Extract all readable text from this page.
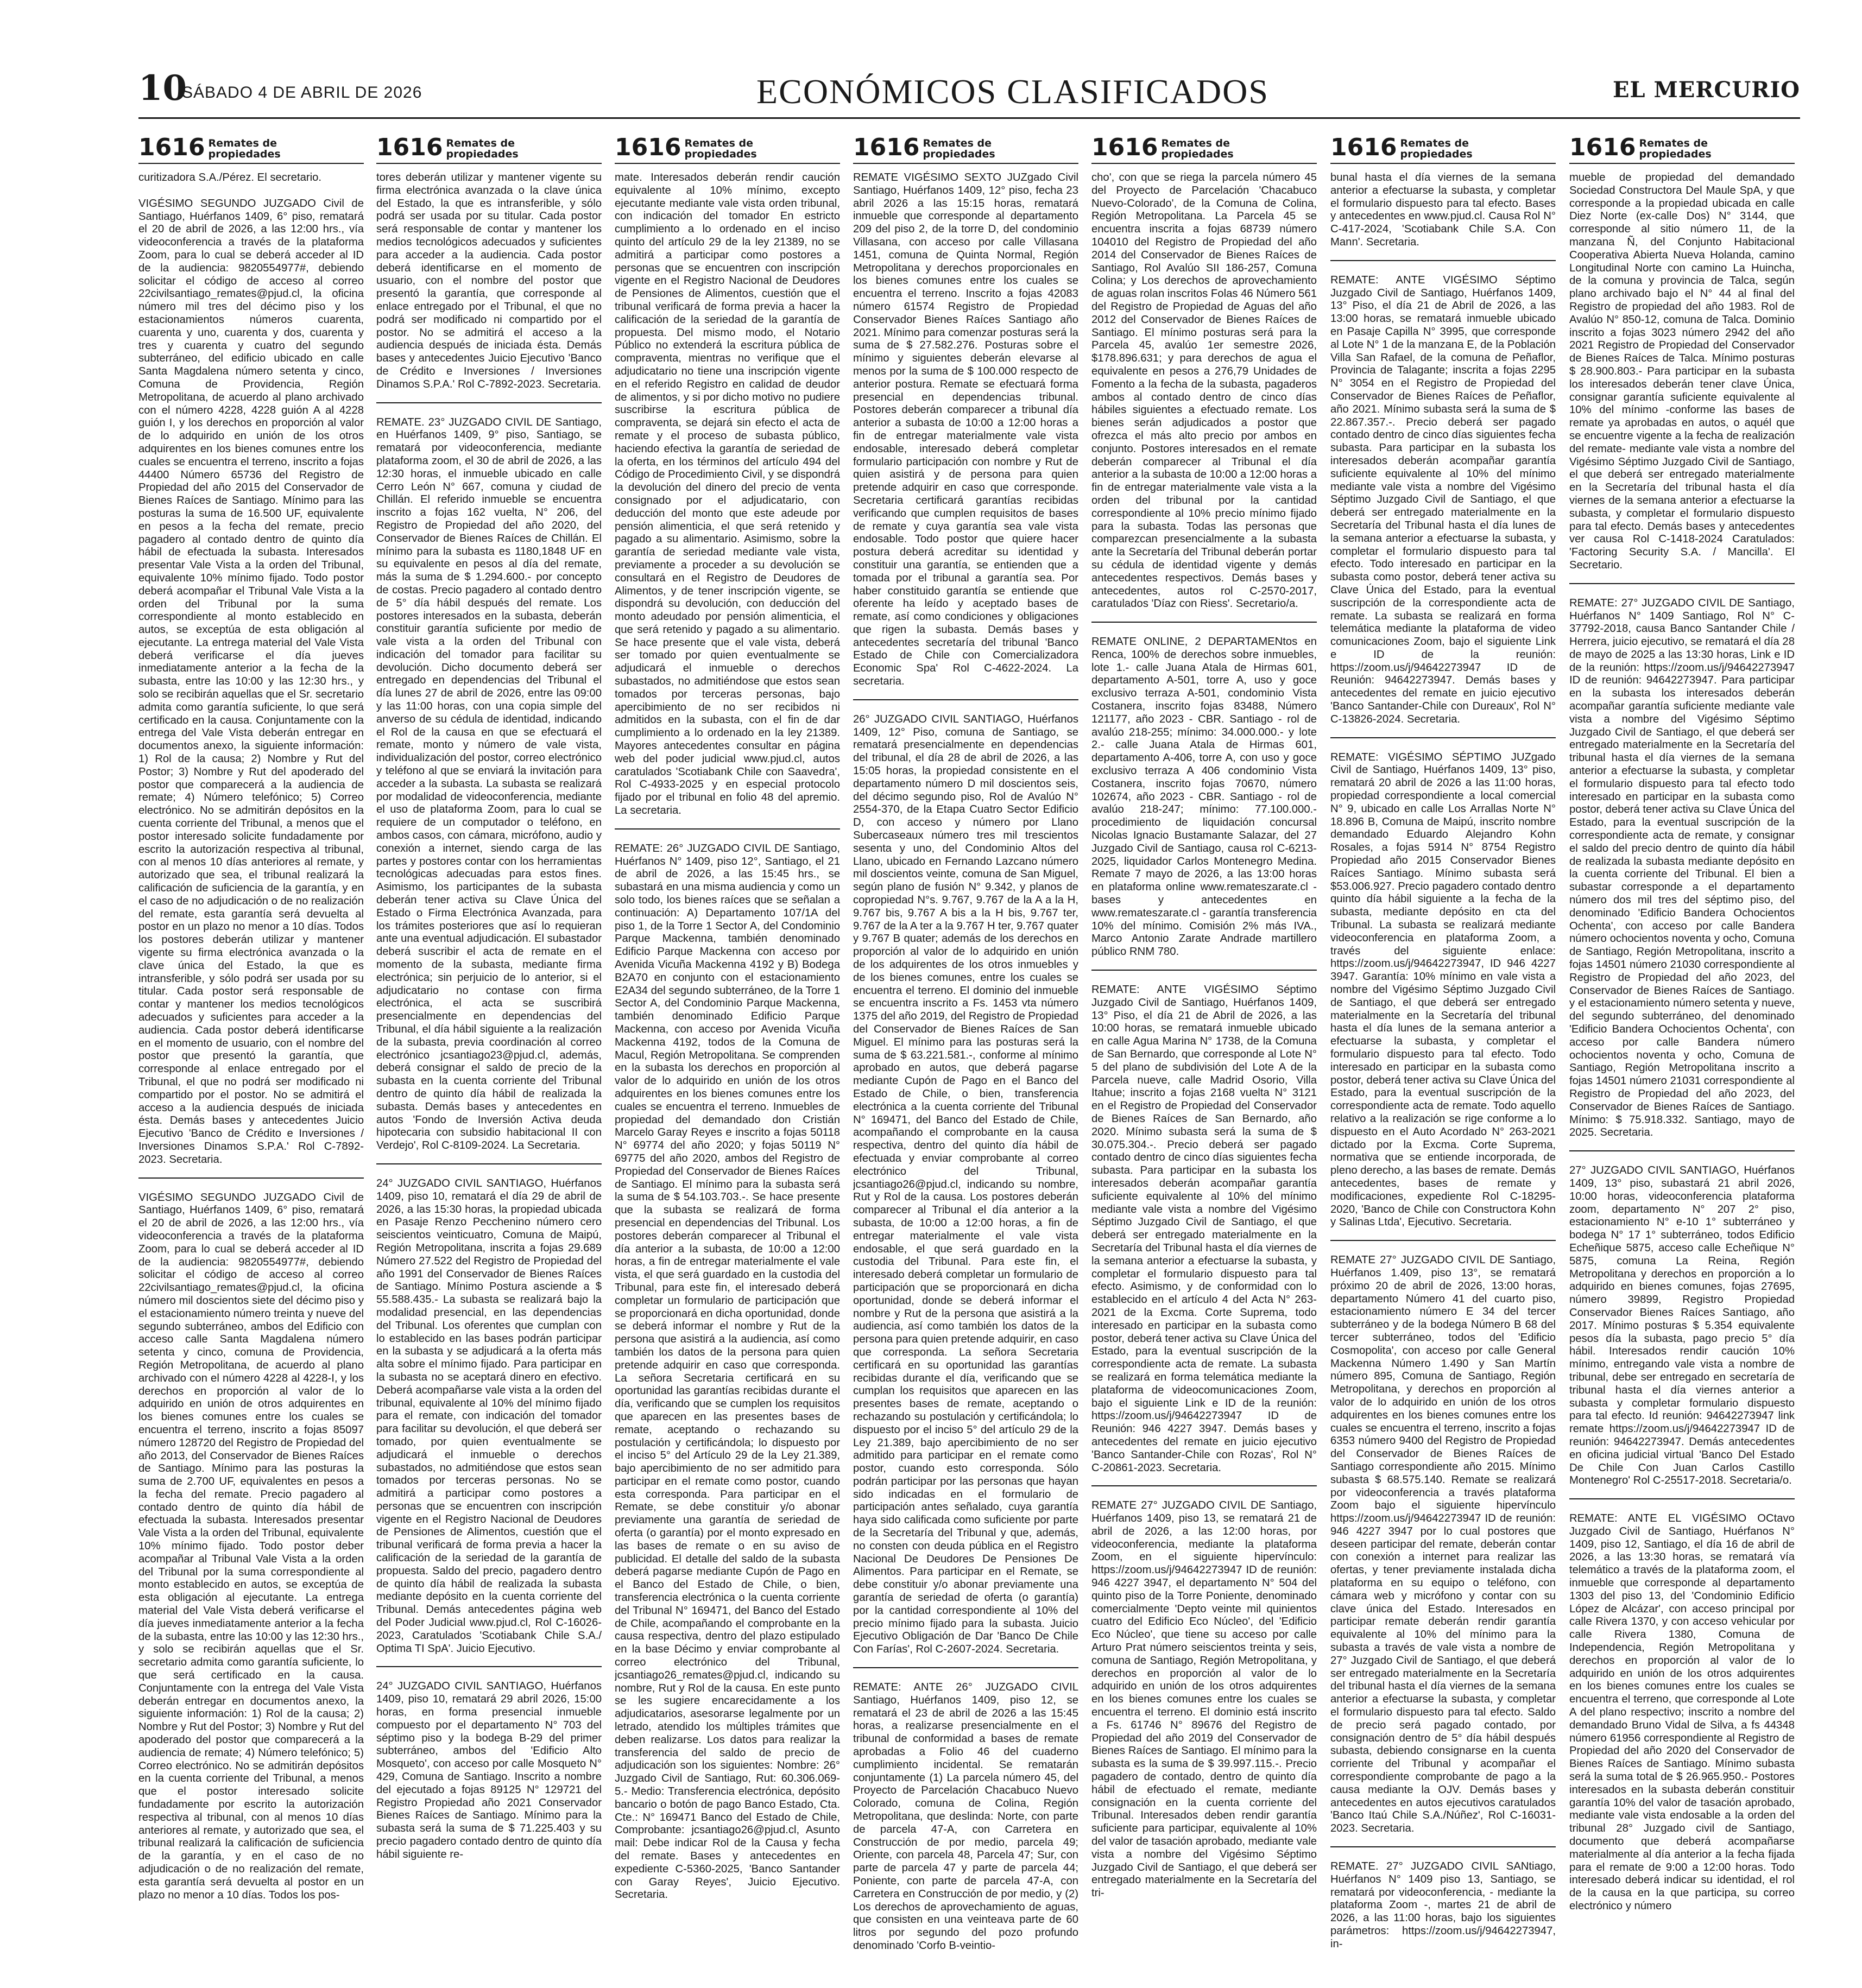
10
SÁBADO 4 DE ABRIL DE 2026	ECONÓMICOS CLASIFICADOS	EL MERCURIO
1616 Remates de
propiedades

curitizadora S.A./Pérez. El secretario.

VIGÉSIMO SEGUNDO JUZGADO Civil de Santiago, Huérfanos 1409, 6° piso, rematará el 20 de abril de 2026, a las 12:00 hrs., vía videoconferencia a través de la plataforma Zoom, para lo cual se deberá acceder al ID de la audiencia: 9820554977#, debiendo solicitar el código de acceso al correo 22civilsantiago_remates@pjud.cl, la oficina número mil tres del décimo piso y los estacionamientos números cuarenta, cuarenta y uno, cuarenta y dos, cuarenta y tres y cuarenta y cuatro del segundo subterráneo, del edificio ubicado en calle Santa Magdalena número setenta y cinco, Comuna de Providencia, Región Metropolitana, de acuerdo al plano archivado con el número 4228, 4228 guión A al 4228 guión I, y los derechos en proporción al valor de lo adquirido en unión de los otros adquirentes en los bienes comunes entre los cuales se encuentra el terreno, inscrito a fojas 44400 Número 65736 del Registro de Propiedad del año 2015 del Conservador de Bienes Raíces de Santiago. Mínimo para las posturas la suma de 16.500 UF, equivalente en pesos a la fecha del remate, precio pagadero al contado dentro de quinto día hábil de efectuada la subasta. Interesados presentar Vale Vista a la orden del Tribunal, equivalente 10% mínimo fijado. Todo postor deberá acompañar el Tribunal Vale Vista a la orden del Tribunal por la suma correspondiente al monto establecido en autos, se exceptúa de esta obligación al ejecutante. La entrega material del Vale Vista deberá verificarse el día jueves inmediatamente anterior a la fecha de la subasta, entre las 10:00 y las 12:30 hrs., y solo se recibirán aquellas que el Sr. secretario admita como garantía suficiente, lo que será certificado en la causa. Conjuntamente con la entrega del Vale Vista deberán entregar en documentos anexo, la siguiente información: 1) Rol de la causa; 2) Nombre y Rut del Postor; 3) Nombre y Rut del apoderado del postor que comparecerá a la audiencia de remate; 4) Número telefónico; 5) Correo electrónico. No se admitirán depósitos en la cuenta corriente del Tribunal, a menos que el postor interesado solicite fundadamente por escrito la autorización respectiva al tribunal, con al menos 10 días anteriores al remate, y autorizado que sea, el tribunal realizará la calificación de suficiencia de la garantía, y en el caso de no adjudicación o de no realización del remate, esta garantía será devuelta al postor en un plazo no menor a 10 días. Todos los postores deberán utilizar y mantener vigente su firma electrónica avanzada o la clave única del Estado, la que es intransferible, y sólo podrá ser usada por su titular. Cada postor será responsable de contar y mantener los medios tecnológicos adecuados y suficientes para acceder a la audiencia. Cada postor deberá identificarse en el momento de usuario, con el nombre del postor que presentó la garantía, que corresponde al enlace entregado por el Tribunal, el que no podrá ser modificado ni compartido por el postor. No se admitirá el acceso a la audiencia después de iniciada ésta. Demás bases y antecedentes Juicio Ejecutivo 'Banco de Crédito e Inversiones / Inversiones Dinamos S.P.A.' Rol C-7892-2023. Secretaria.

VIGÉSIMO SEGUNDO JUZGADO Civil de Santiago, Huérfanos 1409, 6° piso, rematará el 20 de abril de 2026, a las 12:00 hrs., vía videoconferencia a través de la plataforma Zoom, para lo cual se deberá acceder al ID de la audiencia: 9820554977#, debiendo solicitar el código de acceso al correo 22civilsantiago_remates@pjud.cl, la oficina número mil doscientos siete del décimo piso y el estacionamiento número treinta y nueve del segundo subterráneo, ambos del Edificio con acceso calle Santa Magdalena número setenta y cinco, comuna de Providencia, Región Metropolitana, de acuerdo al plano archivado con el número 4228 al 4228-I, y los derechos en proporción al valor de lo adquirido en unión de otros adquirentes en los bienes comunes entre los cuales se encuentra el terreno, inscrito a fojas 85097 número 128720 del Registro de Propiedad del año 2013, del Conservador de Bienes Raíces de Santiago. Mínimo para las posturas la suma de 2.700 UF, equivalentes en pesos a la fecha del remate. Precio pagadero al contado dentro de quinto día hábil de efectuada la subasta. Interesados presentar Vale Vista a la orden del Tribunal, equivalente 10% mínimo fijado. Todo postor deber acompañar al Tribunal Vale Vista a la orden del Tribunal por la suma correspondiente al monto establecido en autos, se exceptúa de esta obligación al ejecutante. La entrega material del Vale Vista deberá verificarse el día jueves inmediatamente anterior a la fecha de la subasta, entre las 10:00 y las 12:30 hrs., y solo se recibirán aquellas que el Sr. secretario admita como garantía suficiente, lo que será certificado en la causa. Conjuntamente con la entrega del Vale Vista deberán entregar en documentos anexo, la siguiente información: 1) Rol de la causa; 2) Nombre y Rut del Postor; 3) Nombre y Rut del apoderado del postor que comparecerá a la audiencia de remate; 4) Número telefónico; 5) Correo electrónico. No se admitirán depósitos en la cuenta corriente del Tribunal, a menos que el postor interesado solicite fundadamente por escrito la autorización respectiva al tribunal, con al menos 10 días anteriores al remate, y autorizado que sea, el tribunal realizará la calificación de suficiencia de la garantía, y en el caso de no adjudicación o de no realización del remate, esta garantía será devuelta al postor en un plazo no menor a 10 días. Todos los pos-

1616 Remates de
propiedades

tores deberán utilizar y mantener vigente su firma electrónica avanzada o la clave única del Estado, la que es intransferible, y sólo podrá ser usada por su titular. Cada postor será responsable de contar y mantener los medios tecnológicos adecuados y suficientes para acceder a la audiencia. Cada postor deberá identificarse en el momento de usuario, con el nombre del postor que presentó la garantía, que corresponde al enlace entregado por el Tribunal, el que no podrá ser modificado ni compartido por el postor. No se admitirá el acceso a la audiencia después de iniciada ésta. Demás bases y antecedentes Juicio Ejecutivo 'Banco de Crédito e Inversiones / Inversiones Dinamos S.P.A.' Rol C-7892-2023. Secretaria.

REMATE. 23° JUZGADO CIVIL DE Santiago, en Huérfanos 1409, 9° piso, Santiago, se rematará por videoconferencia, mediante plataforma zoom, el 30 de abril de 2026, a las 12:30 horas, el inmueble ubicado en calle Cerro León N° 667, comuna y ciudad de Chillán. El referido inmueble se encuentra inscrito a fojas 162 vuelta, N° 206, del Registro de Propiedad del año 2020, del Conservador de Bienes Raíces de Chillán. El mínimo para la subasta es 1180,1848 UF en su equivalente en pesos al día del remate, más la suma de $ 1.294.600.- por concepto de costas. Precio pagadero al contado dentro de 5° día hábil después del remate. Los postores interesados en la subasta, deberán constituir garantía suficiente por medio de vale vista a la orden del Tribunal con indicación del tomador para facilitar su devolución. Dicho documento deberá ser entregado en dependencias del Tribunal el día lunes 27 de abril de 2026, entre las 09:00 y las 11:00 horas, con una copia simple del anverso de su cédula de identidad, indicando el Rol de la causa en que se efectuará el remate, monto y número de vale vista, individualización del postor, correo electrónico y teléfono al que se enviará la invitación para acceder a la subasta. La subasta se realizará por modalidad de videoconferencia, mediante el uso de plataforma Zoom, para lo cual se requiere de un computador o teléfono, en ambos casos, con cámara, micrófono, audio y conexión a internet, siendo carga de las partes y postores contar con los herramientas tecnológicas adecuadas para estos fines. Asimismo, los participantes de la subasta deberán tener activa su Clave Única del Estado o Firma Electrónica Avanzada, para los trámites posteriores que así lo requieran ante una eventual adjudicación. El subastador deberá suscribir el acta de remate en el momento de la subasta, mediante firma electrónica; sin perjuicio de lo anterior, si el adjudicatario no contase con firma electrónica, el acta se suscribirá presencialmente en dependencias del Tribunal, el día hábil siguiente a la realización de la subasta, previa coordinación al correo electrónico jcsantiago23@pjud.cl, además, deberá consignar el saldo de precio de la subasta en la cuenta corriente del Tribunal dentro de quinto día hábil de realizada la subasta. Demás bases y antecedentes en autos 'Fondo de Inversión Activa deuda hipotecaria con subsidio habitacional II con Verdejo', Rol C-8109-2024. La Secretaria.

24° JUZGADO CIVIL SANTIAGO, Huérfanos 1409, piso 10, rematará el día 29 de abril de 2026, a las 15:30 horas, la propiedad ubicada en Pasaje Renzo Pecchenino número cero seiscientos veinticuatro, Comuna de Maipú, Región Metropolitana, inscrita a fojas 29.689 Número 27.522 del Registro de Propiedad del año 1991 del Conservador de Bienes Raíces de Santiago. Mínimo Postura asciende a $ 55.588.435.- La subasta se realizará bajo la modalidad presencial, en las dependencias del Tribunal. Los oferentes que cumplan con lo establecido en las bases podrán participar en la subasta y se adjudicará a la oferta más alta sobre el mínimo fijado. Para participar en la subasta no se aceptará dinero en efectivo. Deberá acompañarse vale vista a la orden del tribunal, equivalente al 10% del mínimo fijado para el remate, con indicación del tomador para facilitar su devolución, el que deberá ser tomado, por quien eventualmente se adjudicará el inmueble o derechos subastados, no admitiéndose que estos sean tomados por terceras personas. No se admitirá a participar como postores a personas que se encuentren con inscripción vigente en el Registro Nacional de Deudores de Pensiones de Alimentos, cuestión que el tribunal verificará de forma previa a hacer la calificación de la seriedad de la garantía de propuesta. Saldo del precio, pagadero dentro de quinto día hábil de realizada la subasta mediante depósito en la cuenta corriente del Tribunal. Demás antecedentes página web del Poder Judicial www.pjud.cl, Rol C-16026-2023, Caratulados 'Scotiabank Chile S.A./ Optima TI SpA'. Juicio Ejecutivo.

24° JUZGADO CIVIL SANTIAGO, Huérfanos 1409, piso 10, rematará 29 abril 2026, 15:00 horas, en forma presencial inmueble compuesto por el departamento N° 703 del séptimo piso y la bodega B-29 del primer subterráneo, ambos del 'Edificio Alto Mosqueto', con acceso por calle Mosqueto N° 429, Comuna de Santiago. Inscrito a nombre del ejecutado a fojas 89125 N° 129721 del Registro Propiedad año 2021 Conservador Bienes Raíces de Santiago. Mínimo para la subasta será la suma de $ 71.225.403 y su precio pagadero contado dentro de quinto día hábil siguiente re-

1616 Remates de
propiedades

mate. Interesados deberán rendir caución equivalente al 10% mínimo, excepto ejecutante mediante vale vista orden tribunal, con indicación del tomador En estricto cumplimiento a lo ordenado en el inciso quinto del artículo 29 de la ley 21389, no se admitirá a participar como postores a personas que se encuentren con inscripción vigente en el Registro Nacional de Deudores de Pensiones de Alimentos, cuestión que el tribunal verificará de forma previa a hacer la calificación de la seriedad de la garantía de propuesta. Del mismo modo, el Notario Público no extenderá la escritura pública de compraventa, mientras no verifique que el adjudicatario no tiene una inscripción vigente en el referido Registro en calidad de deudor de alimentos, y si por dicho motivo no pudiere suscribirse la escritura pública de compraventa, se dejará sin efecto el acta de remate y el proceso de subasta público, haciendo efectiva la garantía de seriedad de la oferta, en los términos del artículo 494 del Código de Procedimiento Civil, y se dispondrá la devolución del dinero del precio de venta consignado por el adjudicatario, con deducción del monto que este adeude por pensión alimenticia, el que será retenido y pagado a su alimentario. Asimismo, sobre la garantía de seriedad mediante vale vista, previamente a proceder a su devolución se consultará en el Registro de Deudores de Alimentos, y de tener inscripción vigente, se dispondrá su devolución, con deducción del monto adeudado por pensión alimenticia, el que será retenido y pagado a su alimentario. Se hace presente que el vale vista, deberá ser tomado por quien eventualmente se adjudicará el inmueble o derechos subastados, no admitiéndose que estos sean tomados por terceras personas, bajo apercibimiento de no ser recibidos ni admitidos en la subasta, con el fin de dar cumplimiento a lo ordenado en la ley 21389. Mayores antecedentes consultar en página web del poder judicial www.pjud.cl, autos caratulados 'Scotiabank Chile con Saavedra', Rol C-4933-2025 y en especial protocolo fijado por el tribunal en folio 48 del apremio. La secretaria.

REMATE: 26° JUZGADO CIVIL DE Santiago, Huérfanos N° 1409, piso 12°, Santiago, el 21 de abril de 2026, a las 15:45 hrs., se subastará en una misma audiencia y como un solo todo, los bienes raíces que se señalan a continuación: A) Departamento 107/1A del piso 1, de la Torre 1 Sector A, del Condominio Parque Mackenna, también denominado Edificio Parque Mackenna con acceso por Avenida Vicuña Mackenna 4192 y B) Bodega B2A70 en conjunto con el estacionamiento E2A34 del segundo subterráneo, de la Torre 1 Sector A, del Condominio Parque Mackenna, también denominado Edificio Parque Mackenna, con acceso por Avenida Vicuña Mackenna 4192, todos de la Comuna de Macul, Región Metropolitana. Se comprenden en la subasta los derechos en proporción al valor de lo adquirido en unión de los otros adquirentes en los bienes comunes entre los cuales se encuentra el terreno. Inmuebles de propiedad del demandado don Cristián Marcelo Garay Reyes e inscrito a fojas 50118 N° 69774 del año 2020; y fojas 50119 N° 69775 del año 2020, ambos del Registro de Propiedad del Conservador de Bienes Raíces de Santiago. El mínimo para la subasta será la suma de $ 54.103.703.-. Se hace presente que la subasta se realizará de forma presencial en dependencias del Tribunal. Los postores deberán comparecer al Tribunal el día anterior a la subasta, de 10:00 a 12:00 horas, a fin de entregar materialmente el vale vista, el que será guardado en la custodia del Tribunal, para este fin, el interesado deberá completar un formulario de participación que se proporcionará en dicha oportunidad, donde se deberá informar el nombre y Rut de la persona que asistirá a la audiencia, así como también los datos de la persona para quien pretende adquirir en caso que corresponda. La señora Secretaria certificará en su oportunidad las garantías recibidas durante el día, verificando que se cumplen los requisitos que aparecen en las presentes bases de remate, aceptando o rechazando su postulación y certificándola; lo dispuesto por el inciso 5° del Artículo 29 de la Ley 21.389, bajo apercibimiento de no ser admitido para participar en el remate como postor, cuando esta corresponda. Para participar en el Remate, se debe constituir y/o abonar previamente una garantía de seriedad de oferta (o garantía) por el monto expresado en las bases de remate o en su aviso de publicidad. El detalle del saldo de la subasta deberá pagarse mediante Cupón de Pago en el Banco del Estado de Chile, o bien, transferencia electrónica o la cuenta corriente del Tribunal N° 169471, del Banco del Estado de Chile, acompañando el comprobante en la causa respectiva, dentro del plazo estipulado en la base Décimo y enviar comprobante al correo electrónico del Tribunal, jcsantiago26_remates@pjud.cl, indicando su nombre, Rut y Rol de la causa. En este punto se les sugiere encarecidamente a los adjudicatarios, asesorarse legalmente por un letrado, atendido los múltiples trámites que deben realizarse. Los datos para realizar la transferencia del saldo de precio de adjudicación son los siguientes: Nombre: 26° Juzgado Civil de Santiago, Rut: 60.306.069-5.- Medio: Transferencia electrónica, depósito bancario o botón de pago Banco Estado, Cta. Cte.: N° 169471 Banco del Estado de Chile, Comprobante: jcsantiago26@pjud.cl, Asunto mail: Debe indicar Rol de la Causa y fecha del remate. Bases y antecedentes en expediente C-5360-2025, 'Banco Santander con Garay Reyes', Juicio Ejecutivo. Secretaria.

1616 Remates de
propiedades

REMATE VIGÉSIMO SEXTO JUZgado Civil Santiago, Huérfanos 1409, 12° piso, fecha 23 abril 2026 a las 15:15 horas, rematará inmueble que corresponde al departamento 209 del piso 2, de la torre D, del condominio Villasana, con acceso por calle Villasana 1451, comuna de Quinta Normal, Región Metropolitana y derechos proporcionales en los bienes comunes entre los cuales se encuentra el terreno. Inscrito a fojas 42083 número 61574 Registro de Propiedad Conservador Bienes Raíces Santiago año 2021. Mínimo para comenzar posturas será la suma de $ 27.582.276. Posturas sobre el mínimo y siguientes deberán elevarse al menos por la suma de $ 100.000 respecto de anterior postura. Remate se efectuará forma presencial en dependencias tribunal. Postores deberán comparecer a tribunal día anterior a subasta de 10:00 a 12:00 horas a fin de entregar materialmente vale vista endosable, interesado deberá completar formulario participación con nombre y Rut de quien asistirá y de persona para quien pretende adquirir en caso que corresponde. Secretaria certificará garantías recibidas verificando que cumplen requisitos de bases de remate y cuya garantía sea vale vista endosable. Todo postor que quiere hacer postura deberá acreditar su identidad y constituir una garantía, se entienden que a tomada por el tribunal a garantía sea. Por haber constituido garantía se entiende que oferente ha leído y aceptado bases de remate, así como condiciones y obligaciones que rigen la subasta. Demás bases y antecedentes secretaría del tribunal 'Banco Estado de Chile con Comercializadora Economic Spa' Rol C-4622-2024. La secretaria.

26° JUZGADO CIVIL SANTIAGO, Huérfanos 1409, 12° Piso, comuna de Santiago, se rematará presencialmente en dependencias del tribunal, el día 28 de abril de 2026, a las 15:05 horas, la propiedad consistente en el departamento número D mil doscientos seis, del décimo segundo piso, Rol de Avalúo N° 2554-370, de la Etapa Cuatro Sector Edificio D, con acceso y número por Llano Subercaseaux número tres mil trescientos sesenta y uno, del Condominio Altos del Llano, ubicado en Fernando Lazcano número mil doscientos veinte, comuna de San Miguel, según plano de fusión N° 9.342, y planos de copropiedad N°s. 9.767, 9.767 de la A a la H, 9.767 bis, 9.767 A bis a la H bis, 9.767 ter, 9.767 de la A ter a la 9.767 H ter, 9.767 quater y 9.767 B quater; además de los derechos en proporción al valor de lo adquirido en unión de los adquirentes de los otros inmuebles y de los bienes comunes, entre los cuales se encuentra el terreno. El dominio del inmueble se encuentra inscrito a Fs. 1453 vta número 1375 del año 2019, del Registro de Propiedad del Conservador de Bienes Raíces de San Miguel. El mínimo para las posturas será la suma de $ 63.221.581.-, conforme al mínimo aprobado en autos, que deberá pagarse mediante Cupón de Pago en el Banco del Estado de Chile, o bien, transferencia electrónica a la cuenta corriente del Tribunal N° 169471, del Banco del Estado de Chile, acompañando el comprobante en la causa respectiva, dentro del quinto día hábil de efectuada y enviar comprobante al correo electrónico del Tribunal, jcsantiago26@pjud.cl, indicando su nombre, Rut y Rol de la causa. Los postores deberán comparecer al Tribunal el día anterior a la subasta, de 10:00 a 12:00 horas, a fin de entregar materialmente el vale vista endosable, el que será guardado en la custodia del Tribunal. Para este fin, el interesado deberá completar un formulario de participación que se proporcionará en dicha oportunidad, donde se deberá informar el nombre y Rut de la persona que asistirá a la audiencia, así como también los datos de la persona para quien pretende adquirir, en caso que corresponda. La señora Secretaria certificará en su oportunidad las garantías recibidas durante el día, verificando que se cumplan los requisitos que aparecen en las presentes bases de remate, aceptando o rechazando su postulación y certificándola; lo dispuesto por el inciso 5° del artículo 29 de la Ley 21.389, bajo apercibimiento de no ser admitido para participar en el remate como postor, cuando esto corresponda. Sólo podrán participar por las personas que hayan sido indicadas en el formulario de participación antes señalado, cuya garantía haya sido calificada como suficiente por parte de la Secretaría del Tribunal y que, además, no consten con deuda pública en el Registro Nacional De Deudores De Pensiones De Alimentos. Para participar en el Remate, se debe constituir y/o abonar previamente una garantía de seriedad de oferta (o garantía) por la cantidad correspondiente al 10% del precio mínimo fijado para la subasta. Juicio Ejecutivo Obligación de Dar 'Banco De Chile Con Farías', Rol C-2607-2024. Secretaria.

REMATE: ANTE 26° JUZGADO CIVIL Santiago, Huérfanos 1409, piso 12, se rematará el 23 de abril de 2026 a las 15:45 horas, a realizarse presencialmente en el tribunal de conformidad a bases de remate aprobadas a Folio 46 del cuaderno cumplimiento incidental. Se rematarán conjuntamente (1) La parcela número 45, del Proyecto de Parcelación Chacabuco Nuevo Colorado, comuna de Colina, Región Metropolitana, que deslinda: Norte, con parte de parcela 47-A, con Carretera en Construcción de por medio, parcela 49; Oriente, con parcela 48, Parcela 47; Sur, con parte de parcela 47 y parte de parcela 44; Poniente, con parte de parcela 47-A, con Carretera en Construcción de por medio, y (2) Los derechos de aprovechamiento de aguas, que consisten en una veinteava parte de 60 litros por segundo del pozo profundo denominado 'Corfo B-veintio-

1616 Remates de
propiedades

cho', con que se riega la parcela número 45 del Proyecto de Parcelación 'Chacabuco Nuevo-Colorado', de la Comuna de Colina, Región Metropolitana. La Parcela 45 se encuentra inscrita a fojas 68739 número 104010 del Registro de Propiedad del año 2014 del Conservador de Bienes Raíces de Santiago, Rol Avalúo SII 186-257, Comuna Colina; y Los derechos de aprovechamiento de aguas rolan inscritos Folas 46 Número 561 del Registro de Propiedad de Aguas del año 2012 del Conservador de Bienes Raíces de Santiago. El mínimo posturas será para la Parcela 45, avalúo 1er semestre 2026, $178.896.631; y para derechos de agua el equivalente en pesos a 276,79 Unidades de Fomento a la fecha de la subasta, pagaderos ambos al contado dentro de cinco días hábiles siguientes a efectuado remate. Los bienes serán adjudicados a postor que ofrezca el más alto precio por ambos en conjunto. Postores interesados en el remate deberán comparecer al Tribunal el día anterior a la subasta de 10:00 a 12:00 horas a fin de entregar materialmente vale vista a la orden del tribunal por la cantidad correspondiente al 10% precio mínimo fijado para la subasta. Todas las personas que comparezcan presencialmente a la subasta ante la Secretaría del Tribunal deberán portar su cédula de identidad vigente y demás antecedentes respectivos. Demás bases y antecedentes, autos rol C-2570-2017, caratulados 'Díaz con Riess'. Secretario/a.

REMATE ONLINE, 2 DEPARTAMENtos en Renca, 100% de derechos sobre inmuebles, lote 1.- calle Juana Atala de Hirmas 601, departamento A-501, torre A, uso y goce exclusivo terraza A-501, condominio Vista Costanera, inscrito fojas 83488, Número 121177, año 2023 - CBR. Santiago - rol de avalúo 218-255; mínimo: 34.000.000.- y lote 2.- calle Juana Atala de Hirmas 601, departamento A-406, torre A, con uso y goce exclusivo terraza A 406 condominio Vista Costanera, inscrito fojas 70670, número 102674, año 2023 - CBR. Santiago - rol de avalúo 218-247; mínimo: 77.100.000.- procedimiento de liquidación concursal Nicolas Ignacio Bustamante Salazar, del 27 Juzgado Civil de Santiago, causa rol C-6213-2025, liquidador Carlos Montenegro Medina. Remate 7 mayo de 2026, a las 13:00 horas en plataforma online www.remateszarate.cl - bases y antecedentes en www.remateszarate.cl - garantía transferencia 10% del mínimo. Comisión 2% más IVA., Marco Antonio Zarate Andrade martillero público RNM 780.

REMATE: ANTE VIGÉSIMO Séptimo Juzgado Civil de Santiago, Huérfanos 1409, 13° Piso, el día 21 de Abril de 2026, a las 10:00 horas, se rematará inmueble ubicado en calle Agua Marina N° 1738, de la Comuna de San Bernardo, que corresponde al Lote N° 5 del plano de subdivisión del Lote A de la Parcela nueve, calle Madrid Osorio, Villa Itahue; inscrito a fojas 2168 vuelta N° 3121 en el Registro de Propiedad del Conservador de Bienes Raíces de San Bernardo, año 2020. Mínimo subasta será la suma de $ 30.075.304.-. Precio deberá ser pagado contado dentro de cinco días siguientes fecha subasta. Para participar en la subasta los interesados deberán acompañar garantía suficiente equivalente al 10% del mínimo mediante vale vista a nombre del Vigésimo Séptimo Juzgado Civil de Santiago, el que deberá ser entregado materialmente en la Secretaría del Tribunal hasta el día viernes de la semana anterior a efectuarse la subasta, y completar el formulario dispuesto para tal efecto. Asimismo, y de conformidad con lo establecido en el artículo 4 del Acta N° 263-2021 de la Excma. Corte Suprema, todo interesado en participar en la subasta como postor, deberá tener activa su Clave Única del Estado, para la eventual suscripción de la correspondiente acta de remate. La subasta se realizará en forma telemática mediante la plataforma de videocomunicaciones Zoom, bajo el siguiente Link e ID de la reunión: https://zoom.us/j/94642273947 ID de Reunión: 946 4227 3947. Demás bases y antecedentes del remate en juicio ejecutivo 'Banco Santander-Chile con Rozas', Rol N° C-20861-2023. Secretaria.

REMATE 27° JUZGADO CIVIL DE Santiago, Huérfanos 1409, piso 13, se rematará 21 de abril de 2026, a las 12:00 horas, por videoconferencia, mediante la plataforma Zoom, en el siguiente hipervínculo: https://zoom.us/j/94642273947 ID de reunión: 946 4227 3947, el departamento N° 504 del quinto piso de la Torre Poniente, denominado comercialmente 'Depto veinte mil quinientos cuatro del Edificio Eco Núcleo', del 'Edificio Eco Núcleo', que tiene su acceso por calle Arturo Prat número seiscientos treinta y seis, comuna de Santiago, Región Metropolitana, y derechos en proporción al valor de lo adquirido en unión de los otros adquirentes en los bienes comunes entre los cuales se encuentra el terreno. El dominio está inscrito a Fs. 61746 N° 89676 del Registro de Propiedad del año 2019 del Conservador de Bienes Raíces de Santiago. El mínimo para la subasta es la suma de $ 39.997.115.-. Precio pagadero de contado, dentro de quinto día hábil de efectuado el remate, mediante consignación en la cuenta corriente del Tribunal. Interesados deben rendir garantía suficiente para participar, equivalente al 10% del valor de tasación aprobado, mediante vale vista a nombre del Vigésimo Séptimo Juzgado Civil de Santiago, el que deberá ser entregado materialmente en la Secretaría del tri-

1616 Remates de
propiedades

bunal hasta el día viernes de la semana anterior a efectuarse la subasta, y completar el formulario dispuesto para tal efecto. Bases y antecedentes en www.pjud.cl. Causa Rol N° C-417-2024, 'Scotiabank Chile S.A. Con Mann'. Secretaria.

REMATE: ANTE VIGÉSIMO Séptimo Juzgado Civil de Santiago, Huérfanos 1409, 13° Piso, el día 21 de Abril de 2026, a las 13:00 horas, se rematará inmueble ubicado en Pasaje Capilla N° 3995, que corresponde al Lote N° 1 de la manzana E, de la Población Villa San Rafael, de la comuna de Peñaflor, Provincia de Talagante; inscrita a fojas 2295 N° 3054 en el Registro de Propiedad del Conservador de Bienes Raíces de Peñaflor, año 2021. Mínimo subasta será la suma de $ 22.867.357.-. Precio deberá ser pagado contado dentro de cinco días siguientes fecha subasta. Para participar en la subasta los interesados deberán acompañar garantía suficiente equivalente al 10% del mínimo mediante vale vista a nombre del Vigésimo Séptimo Juzgado Civil de Santiago, el que deberá ser entregado materialmente en la Secretaría del Tribunal hasta el día lunes de la semana anterior a efectuarse la subasta, y completar el formulario dispuesto para tal efecto. Todo interesado en participar en la subasta como postor, deberá tener activa su Clave Única del Estado, para la eventual suscripción de la correspondiente acta de remate. La subasta se realizará en forma telemática mediante la plataforma de video comunicaciones Zoom, bajo el siguiente Link e ID de la reunión: https://zoom.us/j/94642273947 ID de Reunión: 94642273947. Demás bases y antecedentes del remate en juicio ejecutivo 'Banco Santander-Chile con Dureaux', Rol N° C-13826-2024. Secretaria.

REMATE: VIGÉSIMO SÉPTIMO JUZgado Civil de Santiago, Huérfanos 1409, 13° piso, rematará 20 abril de 2026 a las 11:00 horas, propiedad correspondiente a local comercial N° 9, ubicado en calle Los Arrallas Norte N° 18.896 B, Comuna de Maipú, inscrito nombre demandado Eduardo Alejandro Kohn Rosales, a fojas 5914 N° 8754 Registro Propiedad año 2015 Conservador Bienes Raíces Santiago. Mínimo subasta será $53.006.927. Precio pagadero contado dentro quinto día hábil siguiente a la fecha de la subasta, mediante depósito en cta del Tribunal. La subasta se realizará mediante videoconferencia en plataforma Zoom, a través del siguiente enlace: https://zoom.us/j/94642273947, ID 946 4227 3947. Garantía: 10% mínimo en vale vista a nombre del Vigésimo Séptimo Juzgado Civil de Santiago, el que deberá ser entregado materialmente en la Secretaría del tribunal hasta el día lunes de la semana anterior a efectuarse la subasta, y completar el formulario dispuesto para tal efecto. Todo interesado en participar en la subasta como postor, deberá tener activa su Clave Única del Estado, para la eventual suscripción de la correspondiente acta de remate. Todo aquello relativo a la realización se rige conforme a lo dispuesto en el Auto Acordado N° 263-2021 dictado por la Excma. Corte Suprema, normativa que se entiende incorporada, de pleno derecho, a las bases de remate. Demás antecedentes, bases de remate y modificaciones, expediente Rol C-18295-2020, 'Banco de Chile con Constructora Kohn y Salinas Ltda', Ejecutivo. Secretaria.

REMATE 27° JUZGADO CIVIL DE Santiago, Huérfanos 1.409, piso 13°, se rematará próximo 20 de abril de 2026, 13:00 horas, departamento Número 41 del cuarto piso, estacionamiento número E 34 del tercer subterráneo y de la bodega Número B 68 del tercer subterráneo, todos del 'Edificio Cosmopolita', con acceso por calle General Mackenna Número 1.490 y San Martín número 895, Comuna de Santiago, Región Metropolitana, y derechos en proporción al valor de lo adquirido en unión de los otros adquirentes en los bienes comunes entre los cuales se encuentra el terreno, inscrito a fojas 6353 número 9400 del Registro de Propiedad del Conservador de Bienes Raíces de Santiago correspondiente año 2015. Mínimo subasta $ 68.575.140. Remate se realizará por videoconferencia a través plataforma Zoom bajo el siguiente hipervínculo https://zoom.us/j/94642273947 ID de reunión: 946 4227 3947 por lo cual postores que deseen participar del remate, deberán contar con conexión a internet para realizar las ofertas, y tener previamente instalada dicha plataforma en su equipo o teléfono, con cámara web y micrófono y contar con su clave única del Estado. Interesados en participar remate deberán rendir garantía equivalente al 10% del mínimo para la subasta a través de vale vista a nombre de 27° Juzgado Civil de Santiago, el que deberá ser entregado materialmente en la Secretaría del tribunal hasta el día viernes de la semana anterior a efectuarse la subasta, y completar el formulario dispuesto para tal efecto. Saldo de precio será pagado contado, por consignación dentro de 5° día hábil después subasta, debiendo consignarse en la cuenta corriente del Tribunal y acompañar el correspondiente comprobante de pago a la causa mediante la OJV. Demás bases y antecedentes en autos ejecutivos caratulados 'Banco Itaú Chile S.A./Núñez', Rol C-16031-2023. Secretaria.

REMATE. 27° JUZGADO CIVIL SANtiago, Huérfanos N° 1409 piso 13, Santiago, se rematará por videoconferencia, - mediante la plataforma Zoom -, martes 21 de abril de 2026, a las 11:00 horas, bajo los siguientes parámetros: https://zoom.us/j/94642273947, in-

1616 Remates de
propiedades

mueble de propiedad del demandado Sociedad Constructora Del Maule SpA, y que corresponde a la propiedad ubicada en calle Diez Norte (ex-calle Dos) N° 3144, que corresponde al sitio número 11, de la manzana Ñ, del Conjunto Habitacional Cooperativa Abierta Nueva Holanda, camino Longitudinal Norte con camino La Huincha, de la comuna y provincia de Talca, según plano archivado bajo el N° 44 al final del Registro de propiedad del año 1983. Rol de Avalúo N° 850-12, comuna de Talca. Dominio inscrito a fojas 3023 número 2942 del año 2021 Registro de Propiedad del Conservador de Bienes Raíces de Talca. Mínimo posturas $ 28.900.803.- Para participar en la subasta los interesados deberán tener clave Única, consignar garantía suficiente equivalente al 10% del mínimo -conforme las bases de remate ya aprobadas en autos, o aquél que se encuentre vigente a la fecha de realización del remate- mediante vale vista a nombre del Vigésimo Séptimo Juzgado Civil de Santiago, el que deberá ser entregado materialmente en la Secretaría del tribunal hasta el día viernes de la semana anterior a efectuarse la subasta, y completar el formulario dispuesto para tal efecto. Demás bases y antecedentes ver causa Rol C-1418-2024 Caratulados: 'Factoring Security S.A. / Mancilla'. El Secretario.

REMATE: 27° JUZGADO CIVIL DE Santiago, Huérfanos N° 1409 Santiago, Rol N° C-37792-2018, causa Banco Santander Chile / Herrera, juicio ejecutivo, se rematará el día 28 de mayo de 2025 a las 13:30 horas, Link e ID de la reunión: https://zoom.us/j/94642273947 ID de reunión: 94642273947. Para participar en la subasta los interesados deberán acompañar garantía suficiente mediante vale vista a nombre del Vigésimo Séptimo Juzgado Civil de Santiago, el que deberá ser entregado materialmente en la Secretaría del tribunal hasta el día viernes de la semana anterior a efectuarse la subasta, y completar el formulario dispuesto para tal efecto todo interesado en participar en la subasta como postor, deberá tener activa su Clave Única del Estado, para la eventual suscripción de la correspondiente acta de remate, y consignar el saldo del precio dentro de quinto día hábil de realizada la subasta mediante depósito en la cuenta corriente del Tribunal. El bien a subastar corresponde a el departamento número dos mil tres del séptimo piso, del denominado 'Edificio Bandera Ochocientos Ochenta', con acceso por calle Bandera número ochocientos noventa y ocho, Comuna de Santiago, Región Metropolitana, inscrito a fojas 14501 número 21030 correspondiente al Registro de Propiedad del año 2023, del Conservador de Bienes Raíces de Santiago. y el estacionamiento número setenta y nueve, del segundo subterráneo, del denominado 'Edificio Bandera Ochocientos Ochenta', con acceso por calle Bandera número ochocientos noventa y ocho, Comuna de Santiago, Región Metropolitana inscrito a fojas 14501 número 21031 correspondiente al Registro de Propiedad del año 2023, del Conservador de Bienes Raíces de Santiago. Mínimo: $ 75.918.332. Santiago, mayo de 2025. Secretaria.

27° JUZGADO CIVIL SANTIAGO, Huérfanos 1409, 13° piso, subastará 21 abril 2026, 10:00 horas, videoconferencia plataforma zoom, departamento N° 207 2° piso, estacionamiento N° e-10 1° subterráneo y bodega N° 17 1° subterráneo, todos Edificio Echeñique 5875, acceso calle Echeñique N° 5875, comuna La Reina, Región Metropolitana y derechos en proporción a lo adquirido en bienes comunes, fojas 27695, número 39899, Registro Propiedad Conservador Bienes Raíces Santiago, año 2017. Mínimo posturas $ 5.354 equivalente pesos día la subasta, pago precio 5° día hábil. Interesados rendir caución 10% mínimo, entregando vale vista a nombre de tribunal, debe ser entregado en secretaría de tribunal hasta el día viernes anterior a subasta y completar formulario dispuesto para tal efecto. Id reunión: 94642273947 link remate https://zoom.us/j/94642273947 ID de reunión: 94642273947. Demás antecedentes en oficina judicial virtual 'Banco Del Estado De Chile Con Juan Carlos Castillo Montenegro' Rol C-25517-2018. Secretaria/o.

REMATE: ANTE EL VIGÉSIMO OCtavo Juzgado Civil de Santiago, Huérfanos N° 1409, piso 12, Santiago, el día 16 de abril de 2026, a las 13:30 horas, se rematará vía telemático a través de la plataforma zoom, el inmueble que corresponde al departamento 1303 del piso 13, del 'Condominio Edificio López de Alcázar', con acceso principal por calle Rivera 1370, y con acceso vehicular por calle Rivera 1380, Comuna de Independencia, Región Metropolitana y derechos en proporción al valor de lo adquirido en unión de los otros adquirentes en los bienes comunes entre los cuales se encuentra el terreno, que corresponde al Lote A del plano respectivo; inscrito a nombre del demandado Bruno Vidal de Silva, a fs 44348 número 61956 correspondiente al Registro de Propiedad del año 2020 del Conservador de Bienes Raíces de Santiago. Mínimo subasta será la suma total de $ 26.965.950.- Postores interesados en la subasta deberán constituir garantía 10% del valor de tasación aprobado, mediante vale vista endosable a la orden del tribunal 28° Juzgado civil de Santiago, documento que deberá acompañarse materialmente al día anterior a la fecha fijada para el remate de 9:00 a 12:00 horas. Todo interesado deberá indicar su identidad, el rol de la causa en la que participa, su correo electrónico y número
